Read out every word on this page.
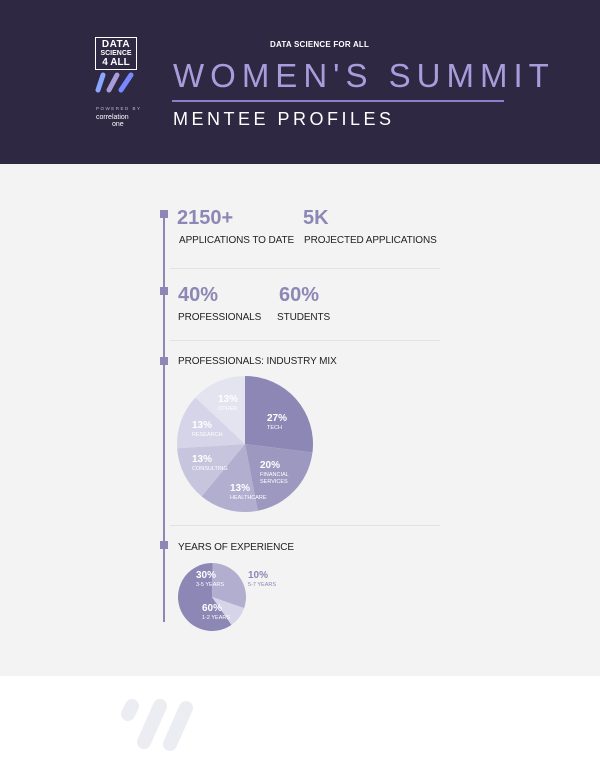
DATA
SCIENCE
4 ALL
POWERED BY
correlation
one
DATA SCIENCE FOR ALL
WOMEN'S SUMMIT
MENTEE PROFILES
2150+
APPLICATIONS TO DATE
5K
PROJECTED APPLICATIONS
40%
PROFESSIONALS
60%
STUDENTS
PROFESSIONALS: INDUSTRY MIX
27%
TECH
20%
FINANCIAL
SERVICES
13%
HEALTHCARE
13%
CONSULTING
13%
RESEARCH
13%
OTHER
YEARS OF EXPERIENCE
60%
1-2 YEARS
30%
3-5 YEARS
10%
5-7 YEARS
